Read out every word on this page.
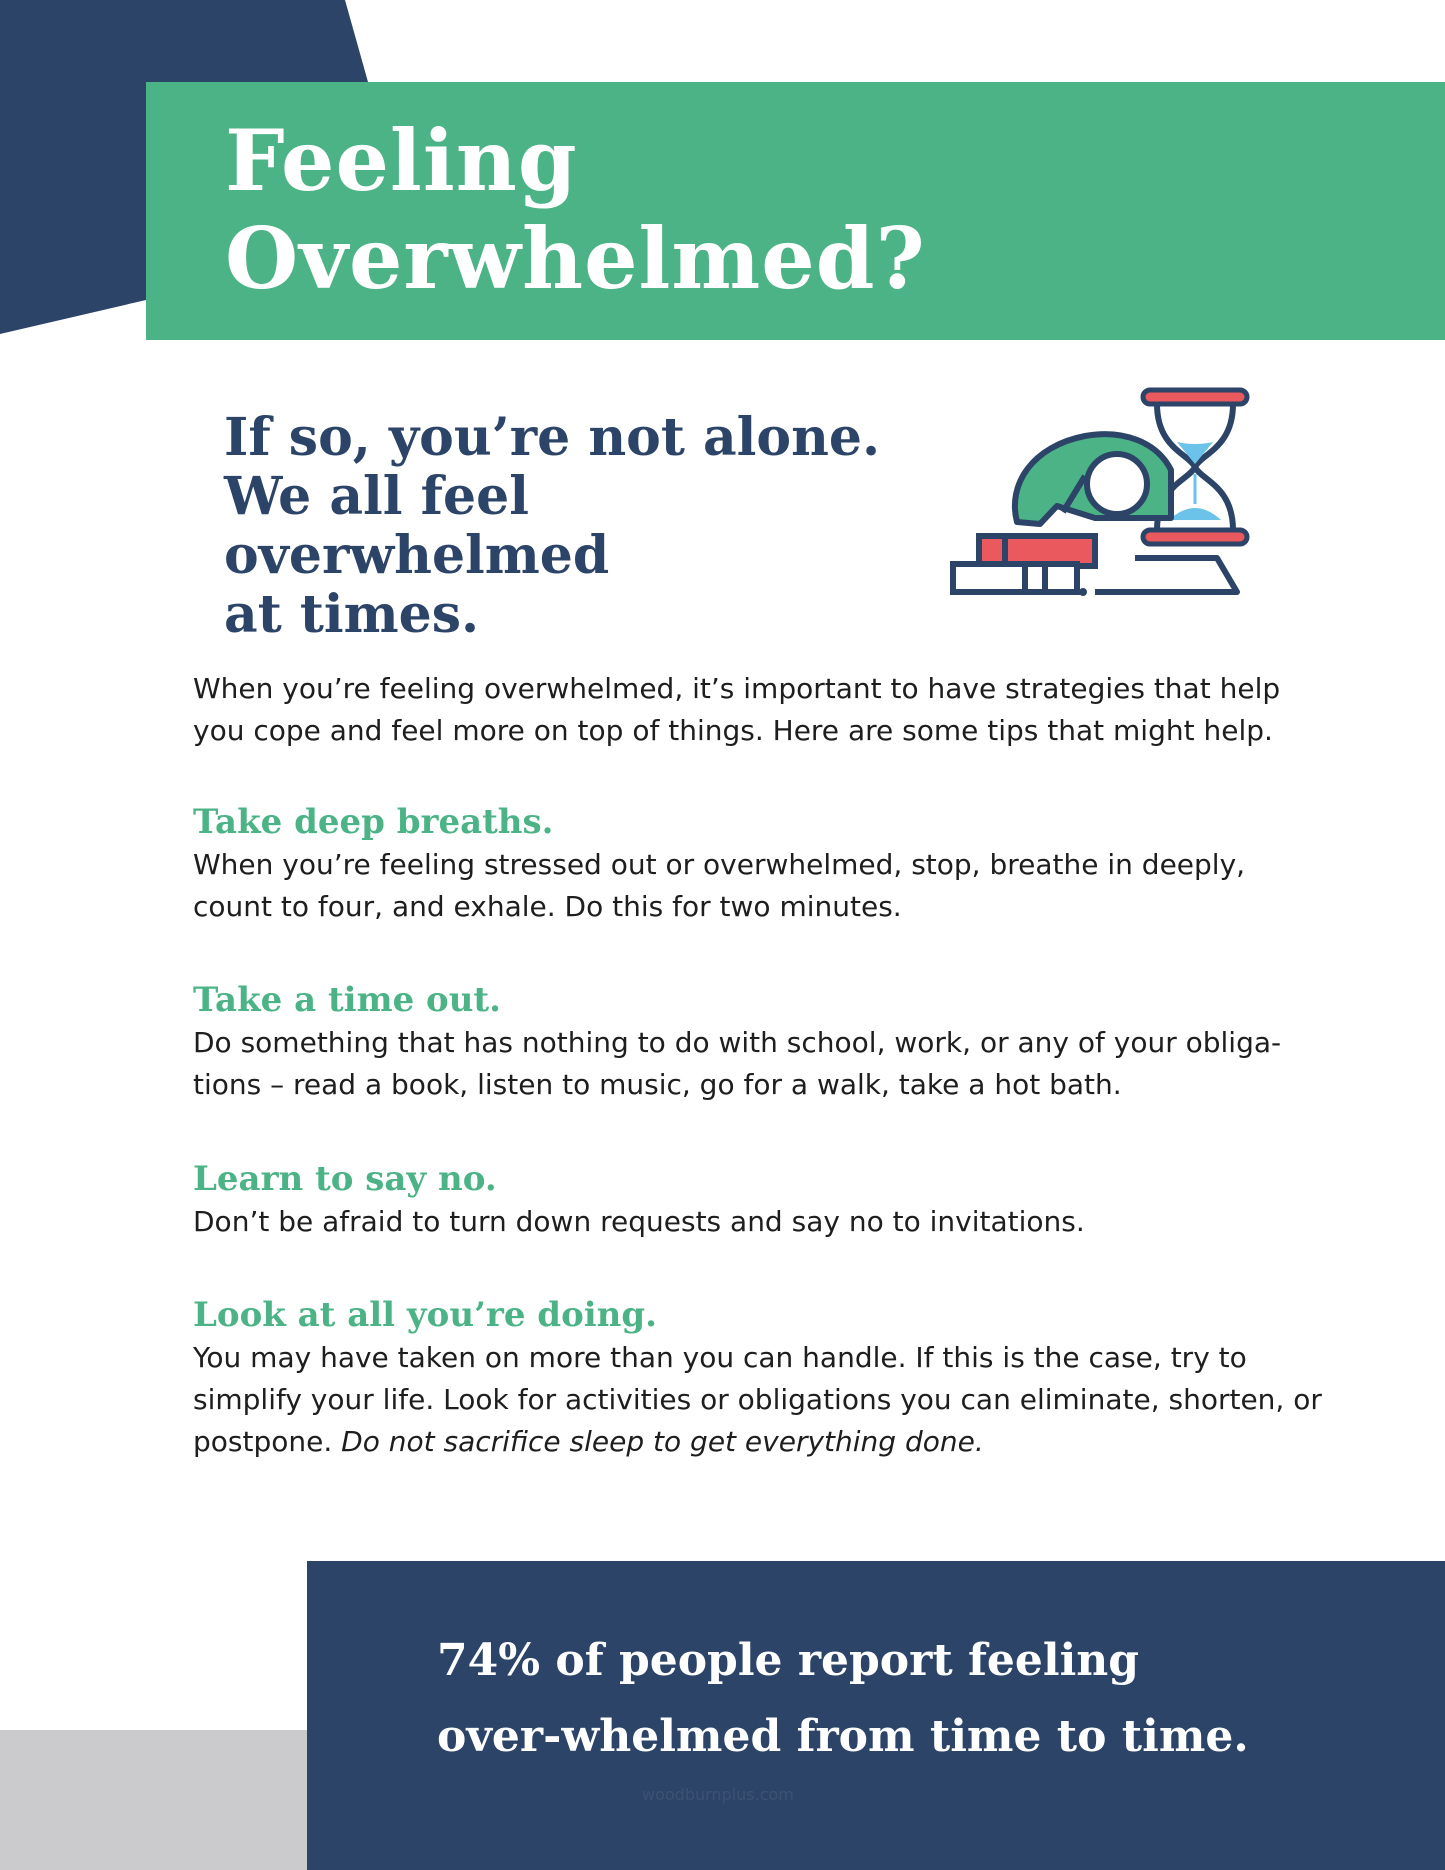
Feeling
Overwhelmed?
If so, you’re not alone.
We all feel overwhelmed
at times.

When you’re feeling overwhelmed, it’s important to have strategies that help you cope and feel more on top of things. Here are some tips that might help.

Take deep breaths.

When you’re feeling stressed out or overwhelmed, stop, breathe in deeply, count to four, and exhale. Do this for two minutes.

Take a time out.

Do something that has nothing to do with school, work, or any of your obliga-tions – read a book, listen to music, go for a walk, take a hot bath.

Learn to say no.

Don’t be afraid to turn down requests and say no to invitations.

Look at all you’re doing.

You may have taken on more than you can handle. If this is the case, try to simplify your life. Look for activities or obligations you can eliminate, shorten, or postpone. Do not sacrifice sleep to get everything done.

74% of people report feeling over-whelmed from time to time.

woodburnplus.com
